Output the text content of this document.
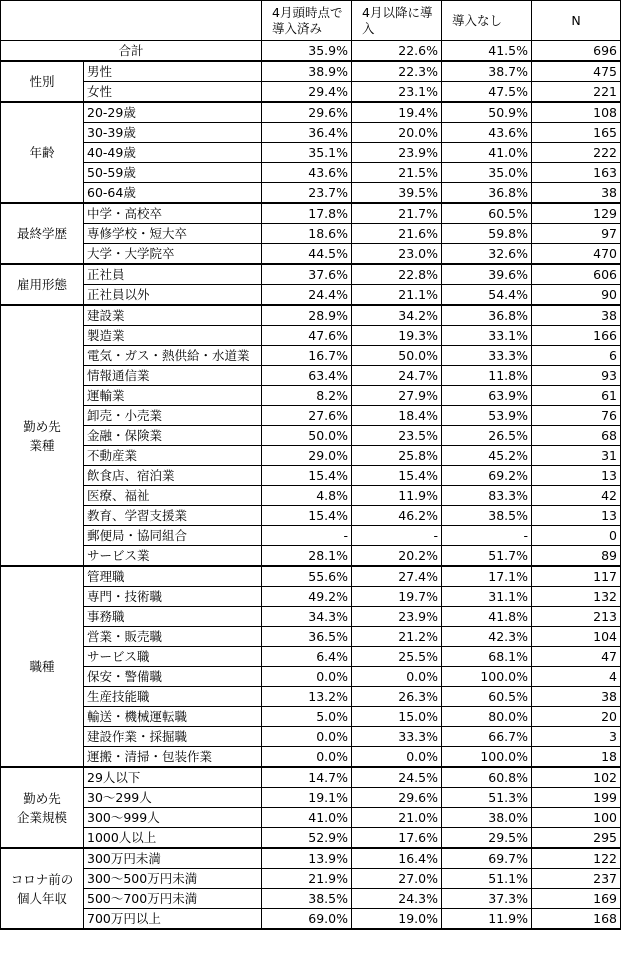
		4月頭時点で導入済み	4月以降に導入	導入なし	N
合計		35.9%	22.6%	41.5%	696
性別	男性	38.9%	22.3%	38.7%	475
	女性	29.4%	23.1%	47.5%	221
年齢	20-29歳	29.6%	19.4%	50.9%	108
	30-39歳	36.4%	20.0%	43.6%	165
	40-49歳	35.1%	23.9%	41.0%	222
	50-59歳	43.6%	21.5%	35.0%	163
	60-64歳	23.7%	39.5%	36.8%	38
最終学歴	中学・高校卒	17.8%	21.7%	60.5%	129
	専修学校・短大卒	18.6%	21.6%	59.8%	97
	大学・大学院卒	44.5%	23.0%	32.6%	470
雇用形態	正社員	37.6%	22.8%	39.6%	606
	正社員以外	24.4%	21.1%	54.4%	90
勤め先
業種	建設業	28.9%	34.2%	36.8%	38
	製造業	47.6%	19.3%	33.1%	166
	電気・ガス・熱供給・水道業	16.7%	50.0%	33.3%	6
	情報通信業	63.4%	24.7%	11.8%	93
	運輸業	8.2%	27.9%	63.9%	61
	卸売・小売業	27.6%	18.4%	53.9%	76
	金融・保険業	50.0%	23.5%	26.5%	68
	不動産業	29.0%	25.8%	45.2%	31
	飲食店、宿泊業	15.4%	15.4%	69.2%	13
	医療、福祉	4.8%	11.9%	83.3%	42
	教育、学習支援業	15.4%	46.2%	38.5%	13
	郵便局・協同組合	-	-	-	0
	サービス業	28.1%	20.2%	51.7%	89
職種	管理職	55.6%	27.4%	17.1%	117
	専門・技術職	49.2%	19.7%	31.1%	132
	事務職	34.3%	23.9%	41.8%	213
	営業・販売職	36.5%	21.2%	42.3%	104
	サービス職	6.4%	25.5%	68.1%	47
	保安・警備職	0.0%	0.0%	100.0%	4
	生産技能職	13.2%	26.3%	60.5%	38
	輸送・機械運転職	5.0%	15.0%	80.0%	20
	建設作業・採掘職	0.0%	33.3%	66.7%	3
	運搬・清掃・包装作業	0.0%	0.0%	100.0%	18
勤め先
企業規模	29人以下	14.7%	24.5%	60.8%	102
	30～299人	19.1%	29.6%	51.3%	199
	300～999人	41.0%	21.0%	38.0%	100
	1000人以上	52.9%	17.6%	29.5%	295
コロナ前の
個人年収	300万円未満	13.9%	16.4%	69.7%	122
	300～500万円未満	21.9%	27.0%	51.1%	237
	500～700万円未満	38.5%	24.3%	37.3%	169
	700万円以上	69.0%	19.0%	11.9%	168
